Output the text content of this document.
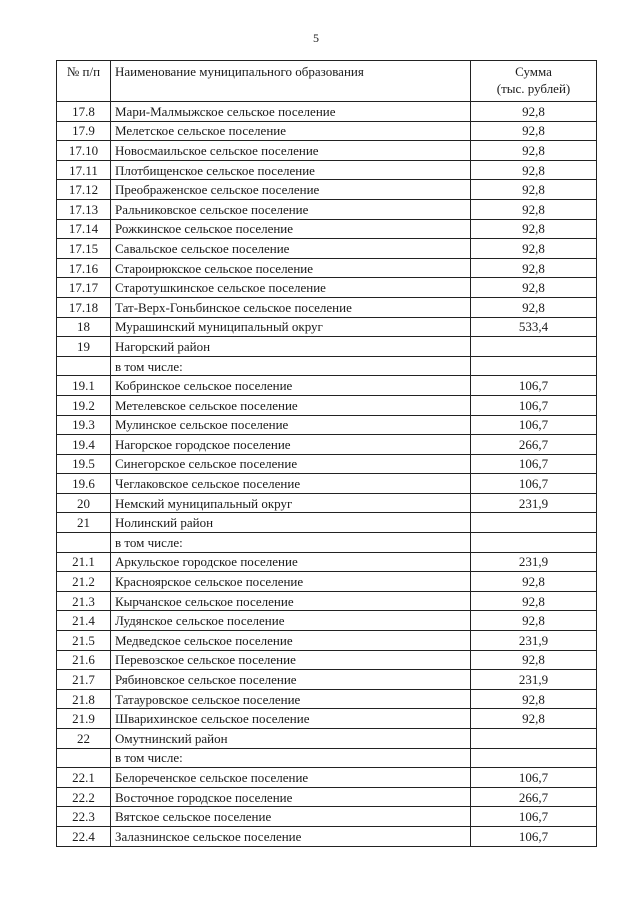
5
№ п/п	Наименование муниципального образования	Сумма
(тыс. рублей)

17.8	Мари-Малмыжское сельское поселение	92,8
17.9	Мелетское сельское поселение	92,8
17.10	Новосмаильское сельское поселение	92,8
17.11	Плотбищенское сельское поселение	92,8
17.12	Преображенское сельское поселение	92,8
17.13	Ральниковское сельское поселение	92,8
17.14	Рожкинское сельское поселение	92,8
17.15	Савальское сельское поселение	92,8
17.16	Староирюкское сельское поселение	92,8
17.17	Старотушкинское сельское поселение	92,8
17.18	Тат-Верх-Гоньбинское сельское поселение	92,8
18	Мурашинский муниципальный округ	533,4
19	Нагорский район	
	в том числе:	
19.1	Кобринское сельское поселение	106,7
19.2	Метелевское сельское поселение	106,7
19.3	Мулинское сельское поселение	106,7
19.4	Нагорское городское поселение	266,7
19.5	Синегорское сельское поселение	106,7
19.6	Чеглаковское сельское поселение	106,7
20	Немский муниципальный округ	231,9
21	Нолинский район	
	в том числе:	
21.1	Аркульское городское поселение	231,9
21.2	Красноярское сельское поселение	92,8
21.3	Кырчанское сельское поселение	92,8
21.4	Лудянское сельское поселение	92,8
21.5	Медведское сельское поселение	231,9
21.6	Перевозское сельское поселение	92,8
21.7	Рябиновское сельское поселение	231,9
21.8	Татауровское сельское поселение	92,8
21.9	Шварихинское сельское поселение	92,8
22	Омутнинский район	
	в том числе:	
22.1	Белореченское сельское поселение	106,7
22.2	Восточное городское поселение	266,7
22.3	Вятское сельское поселение	106,7
22.4	Залазнинское сельское поселение	106,7
